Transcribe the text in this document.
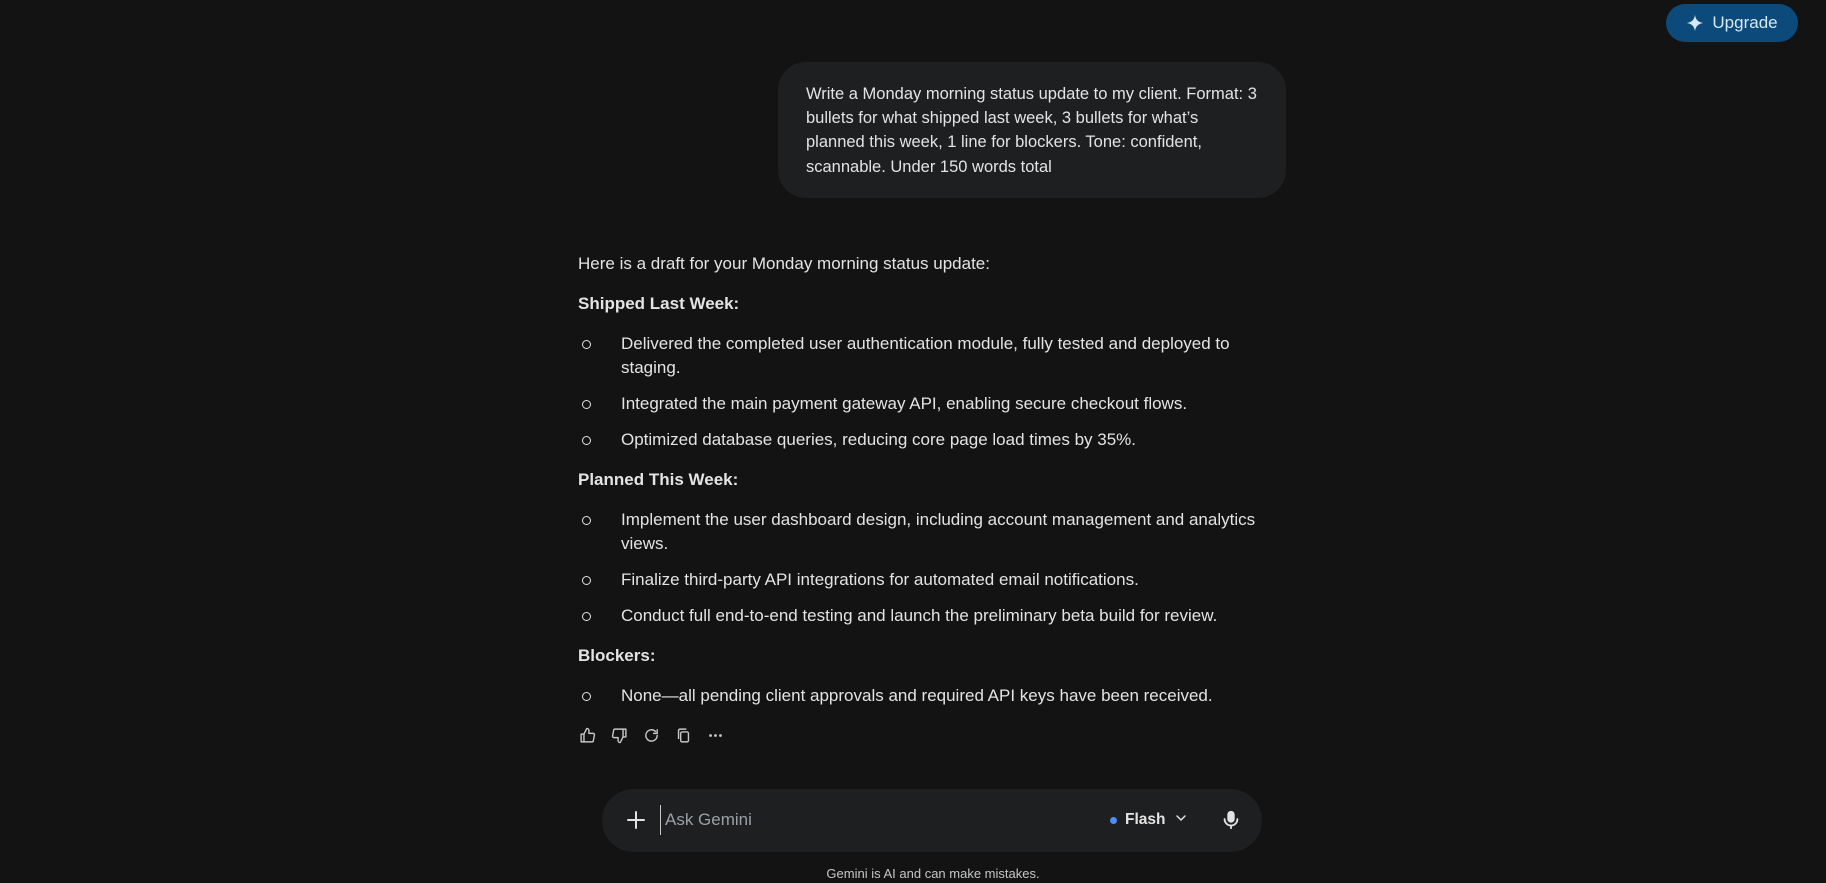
Upgrade
Write a Monday morning status update to my client. Format: 3 bullets for what shipped last week, 3 bullets for what’s planned this week, 1 line for blockers. Tone: confident, scannable. Under 150 words total

Here is a draft for your Monday morning status update:

Shipped Last Week:

Delivered the completed user authentication module, fully tested and deployed to staging.
Integrated the main payment gateway API, enabling secure checkout flows.
Optimized database queries, reducing core page load times by 35%.

Planned This Week:

Implement the user dashboard design, including account management and analytics views.
Finalize third-party API integrations for automated email notifications.
Conduct full end-to-end testing and launch the preliminary beta build for review.

Blockers:

None—all pending client approvals and required API keys have been received.
Ask Gemini
Flash
Gemini is AI and can make mistakes.
